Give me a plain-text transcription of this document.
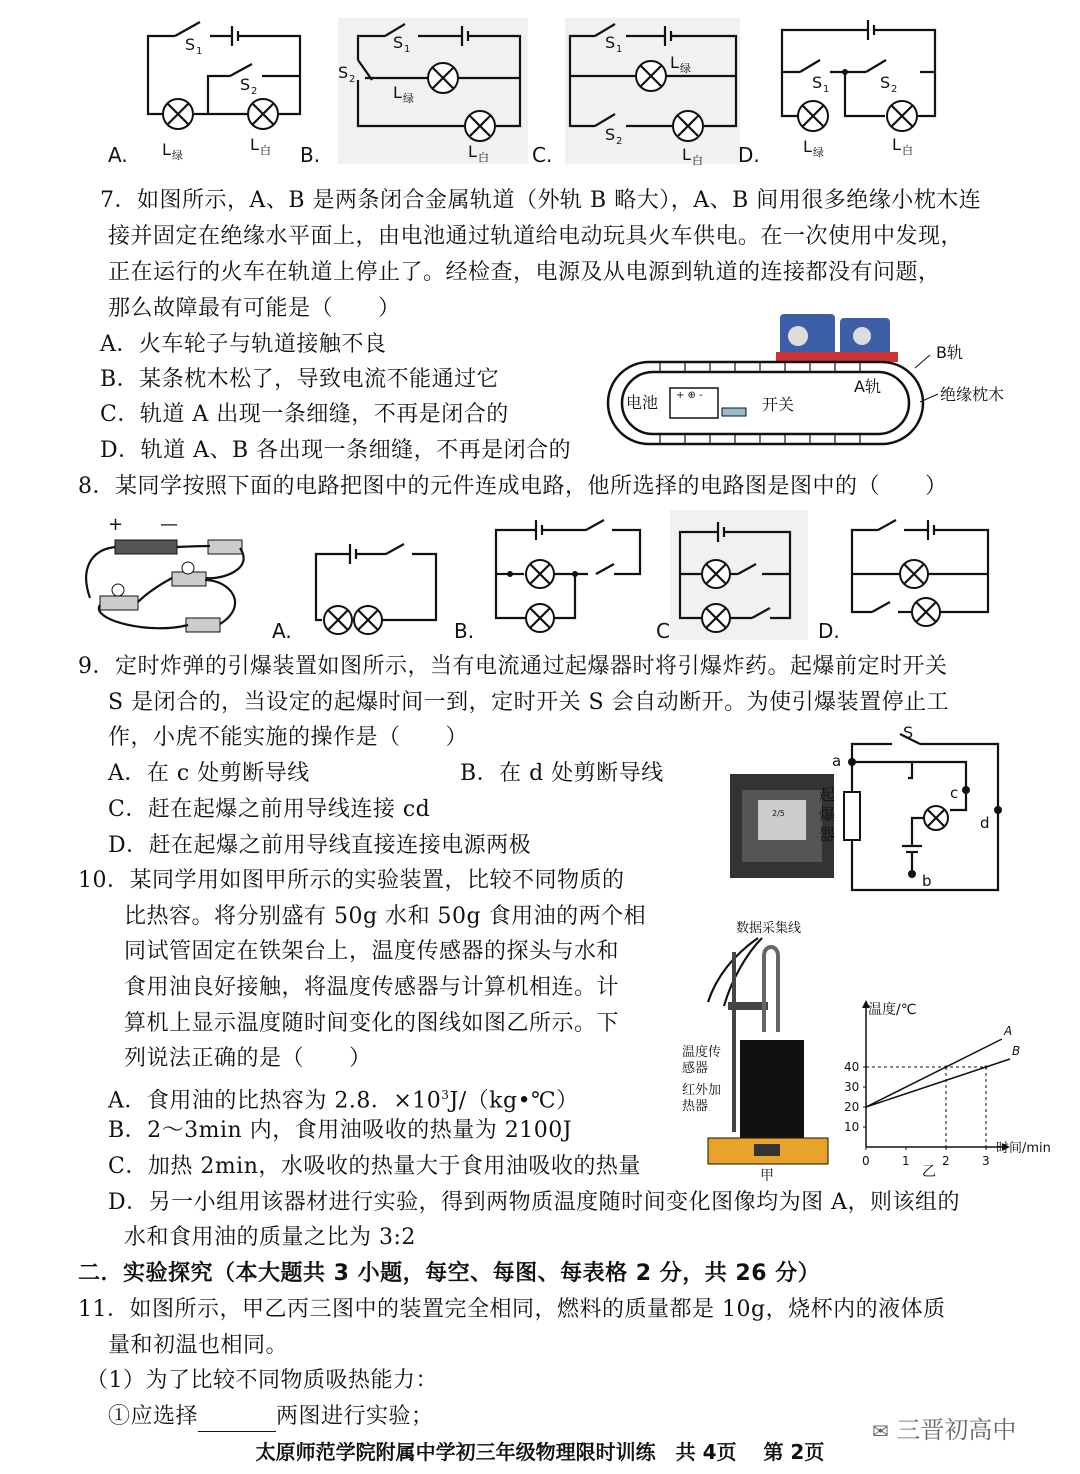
S 1
S 2
L 绿
L 白
A.
S 1
S 2
L 绿
L 白
B.
S 1
L 绿
S 2
L 白
C.
S 1	S 2
L 绿	L 白
D.
7．如图所示，A、B 是两条闭合金属轨道（外轨 B 略大），A、B 间用很多绝缘小枕木连
接并固定在绝缘水平面上，由电池通过轨道给电动玩具火车供电。在一次使用中发现，
正在运行的火车在轨道上停止了。经检查，电源及从电源到轨道的连接都没有问题，
那么故障最有可能是（　　）
A．火车轮子与轨道接触不良
B．某条枕木松了，导致电流不能通过它
C．轨道 A 出现一条细缝，不再是闭合的
D．轨道 A、B 各出现一条细缝，不再是闭合的
+ ⊕ -
电池	开关
B轨
A轨	绝缘枕木
8．某同学按照下面的电路把图中的元件连成电路，他所选择的电路图是图中的（　　）
+ —
A.	B.	C	D.
9．定时炸弹的引爆装置如图所示，当有电流通过起爆器时将引爆炸药。起爆前定时开关
S 是闭合的，当设定的起爆时间一到，定时开关 S 会自动断开。为使引爆装置停止工
作，小虎不能实施的操作是（　　）
A．在 c 处剪断导线	B．在 d 处剪断导线
C．赶在起爆之前用导线连接 cd
D．赶在起爆之前用导线直接连接电源两极
2/5
S
a
b
c
d
起
爆
器
10．某同学用如图甲所示的实验装置，比较不同物质的
比热容。将分别盛有 50g 水和 50g 食用油的两个相
同试管固定在铁架台上，温度传感器的探头与水和
食用油良好接触，将温度传感器与计算机相连。计
算机上显示温度随时间变化的图线如图乙所示。下
列说法正确的是（　　）
A．食用油的比热容为 2.8．$\times 10^3J/(kg•℃)$
B．2～3min 内，食用油吸收的热量为 2100J
C．加热 2min，水吸收的热量大于食用油吸收的热量
D．另一小组用该器材进行实验，得到两物质温度随时间变化图像均为图 A，则该组的
水和食用油的质量之比为 3:2
数据采集线
温度传
感器
红外加
热器
甲
10
20
30
40
0	1	2	3
A
B
温度/℃
时间/min
乙
二．实验探究（本大题共 3 小题，每空、每图、每表格 2 分，共 26 分）
11．如图所示，甲乙丙三图中的装置完全相同，燃料的质量都是 10g，烧杯内的液体质
量和初温也相同。
（1）为了比较不同物质吸热能力：
①应选择	两图进行实验；
✉ 三晋初高中
太原师范学院附属中学初三年级物理限时训练　共 4页　 第 2页
